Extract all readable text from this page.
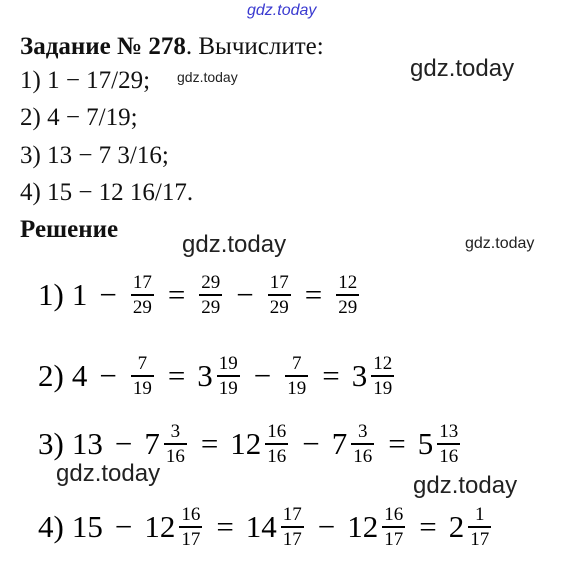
gdz.today
gdz.today	gdz.today
gdz.today	gdz.today
gdz.today	gdz.today
Задание № 278. Вычислите:
1) 1 − 17/29;
2) 4 − 7/19;
3) 13 − 7 3/16;
4) 15 − 12 16/17.
Решение
1) $1 - \frac{17}{29} = \frac{29}{29} - \frac{17}{29} = \frac{12}{29}$
2) $4 - \frac{7}{19} = 3 \frac{19}{19} - \frac{7}{19} = 3 \frac{12}{19}$
3) $13 - 7 \frac{3}{16} = 12 \frac{16}{16} - 7 \frac{3}{16} = 5 \frac{13}{16}$
4) $15 - 12 \frac{16}{17} = 14 \frac{17}{17} - 12 \frac{16}{17} = 2 \frac{1}{17}$
